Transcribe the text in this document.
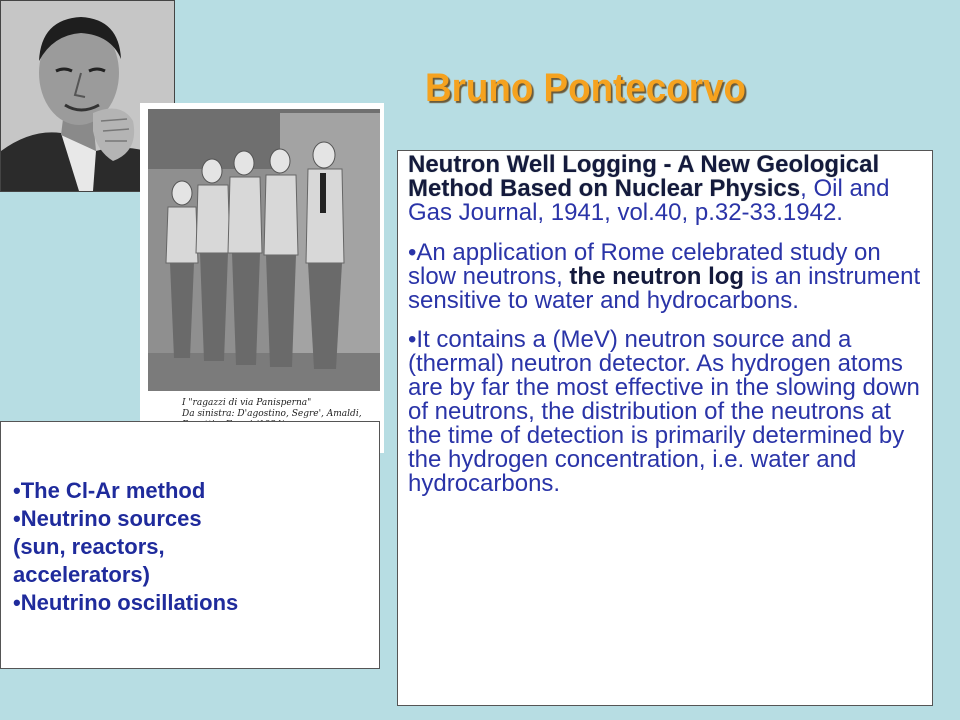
I "ragazzi di via Panisperna"
Da sinistra: D'agostino, Segre', Amaldi,
Bruno Pontecorvo

Neutron Well Logging - A New Geological Method Based on Nuclear Physics, Oil and Gas Journal, 1941, vol.40, p.32-33.1942.

•An application of Rome celebrated study on slow neutrons, the neutron log is an instrument sensitive to water and hydrocarbons.

•It contains a (MeV) neutron source and a (thermal) neutron detector. As hydrogen atoms are by far the most effective in the slowing down of neutrons, the distribution of the neutrons at the time of detection is primarily determined by the hydrogen concentration, i.e. water and hydrocarbons.

•The Cl-Ar method
•Neutrino sources
(sun, reactors,
accelerators)
•Neutrino oscillations
